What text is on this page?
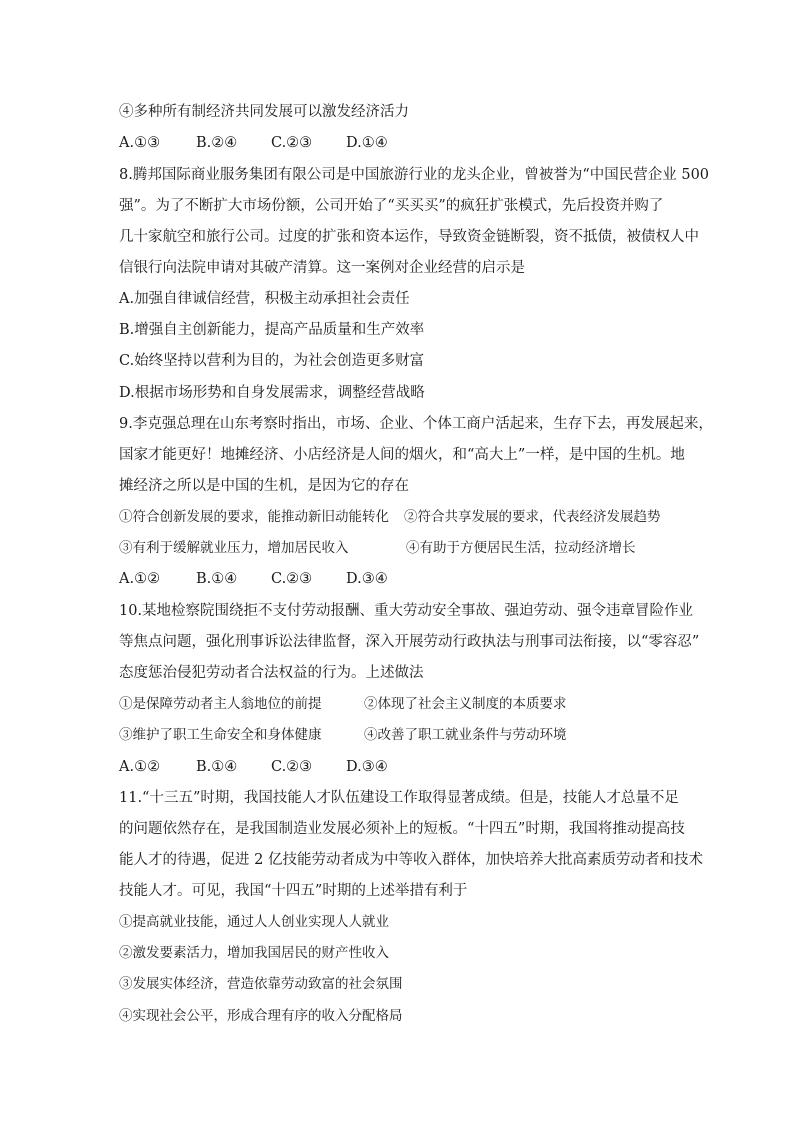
④多种所有制经济共同发展可以激发经济活力
A.①③ B.②④ C.②③ D.①④
8.腾邦国际商业服务集团有限公司是中国旅游行业的龙头企业，曾被誉为“中国民营企业 500
强”。为了不断扩大市场份额，公司开始了“买买买”的疯狂扩张模式，先后投资并购了
几十家航空和旅行公司。过度的扩张和资本运作，导致资金链断裂，资不抵债，被债权人中
信银行向法院申请对其破产清算。这一案例对企业经营的启示是
A.加强自律诚信经营，积极主动承担社会责任
B.增强自主创新能力，提高产品质量和生产效率
C.始终坚持以营利为目的，为社会创造更多财富
D.根据市场形势和自身发展需求，调整经营战略
9.李克强总理在山东考察时指出，市场、企业、个体工商户活起来，生存下去，再发展起来，
国家才能更好！地摊经济、小店经济是人间的烟火，和“高大上”一样，是中国的生机。地
摊经济之所以是中国的生机，是因为它的存在
①符合创新发展的要求，能推动新旧动能转化 ②符合共享发展的要求，代表经济发展趋势
③有利于缓解就业压力，增加居民收入	④有助于方便居民生活，拉动经济增长
A.①② B.①④ C.②③ D.③④
10.某地检察院围绕拒不支付劳动报酬、重大劳动安全事故、强迫劳动、强令违章冒险作业
等焦点问题，强化刑事诉讼法律监督，深入开展劳动行政执法与刑事司法衔接，以“零容忍”
态度惩治侵犯劳动者合法权益的行为。上述做法
①是保障劳动者主人翁地位的前提	②体现了社会主义制度的本质要求
③维护了职工生命安全和身体健康	④改善了职工就业条件与劳动环境
A.①② B.①④ C.②③ D.③④
11.“十三五”时期，我国技能人才队伍建设工作取得显著成绩。但是，技能人才总量不足
的问题依然存在，是我国制造业发展必须补上的短板。“十四五”时期，我国将推动提高技
能人才的待遇，促进 2 亿技能劳动者成为中等收入群体，加快培养大批高素质劳动者和技术
技能人才。可见，我国“十四五”时期的上述举措有利于
①提高就业技能，通过人人创业实现人人就业
②激发要素活力，增加我国居民的财产性收入
③发展实体经济，营造依靠劳动致富的社会氛围
④实现社会公平，形成合理有序的收入分配格局
